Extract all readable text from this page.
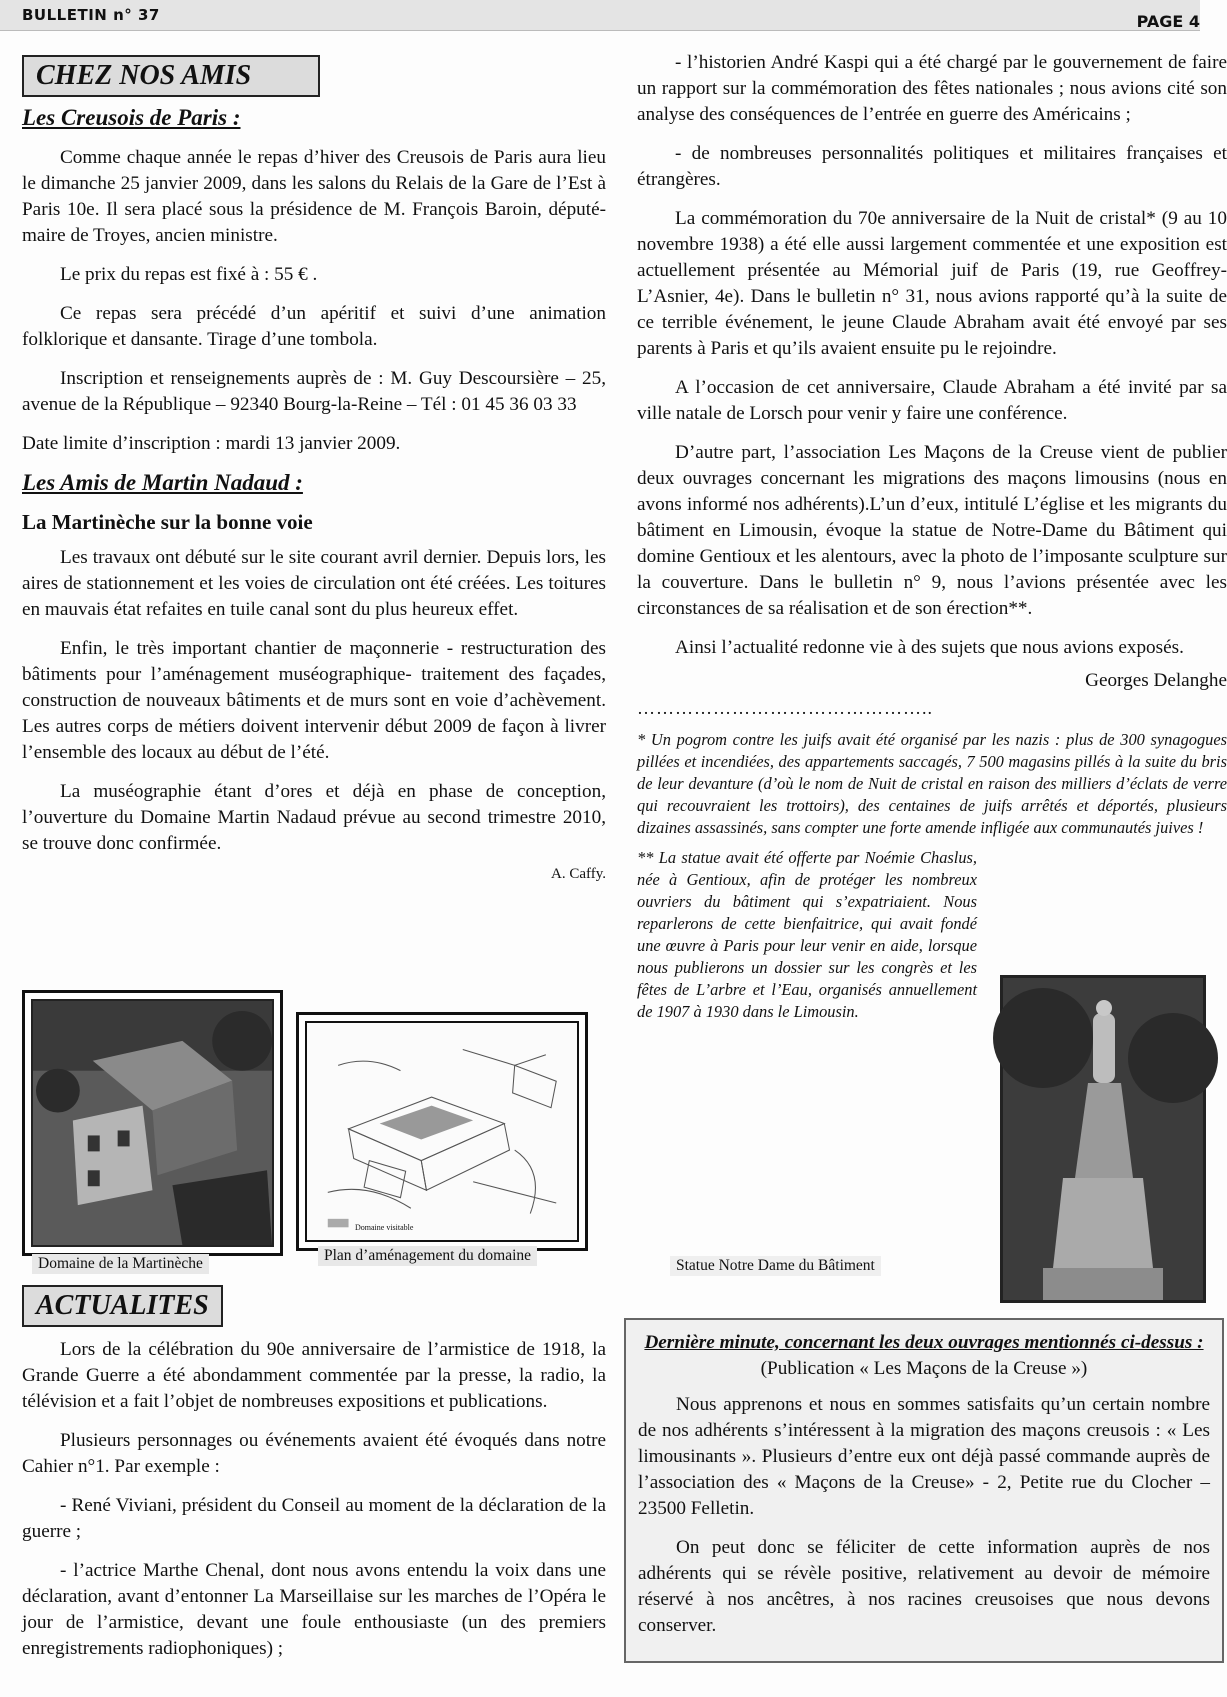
BULLETIN n° 37	PAGE 4
CHEZ NOS AMIS
Les Creusois de Paris :

Comme chaque année le repas d’hiver des Creusois de Paris aura lieu le dimanche 25 janvier 2009, dans les salons du Relais de la Gare de l’Est à Paris 10e. Il sera placé sous la présidence de M. François Baroin, député-maire de Troyes, ancien ministre.

Le prix du repas est fixé à : 55 € .

Ce repas sera précédé d’un apéritif et suivi d’une animation folklorique et dansante. Tirage d’une tombola.

Inscription et renseignements auprès de : M. Guy Descoursière – 25, avenue de la République – 92340 Bourg-la-Reine – Tél : 01 45 36 03 33

Date limite d’inscription : mardi 13 janvier 2009.

Les Amis de Martin Nadaud :
La Martinèche sur la bonne voie

Les travaux ont débuté sur le site courant avril dernier. Depuis lors, les aires de stationnement et les voies de circulation ont été créées. Les toitures en mauvais état refaites en tuile canal sont du plus heureux effet.

Enfin, le très important chantier de maçonnerie - restructuration des bâtiments pour l’aménagement muséographique- traitement des façades, construction de nouveaux bâtiments et de murs sont en voie d’achèvement. Les autres corps de métiers doivent intervenir début 2009 de façon à livrer l’ensemble des locaux au début de l’été.

La muséographie étant d’ores et déjà en phase de conception, l’ouverture du Domaine Martin Nadaud prévue au second trimestre 2010, se trouve donc confirmée.

A. Caffy.
Domaine de la Martinèche
Domaine visitable
Plan d’aménagement du domaine
ACTUALITES

Lors de la célébration du 90e anniversaire de l’armistice de 1918, la Grande Guerre a été abondamment commentée par la presse, la radio, la télévision et a fait l’objet de nombreuses expositions et publications.

Plusieurs personnages ou événements avaient été évoqués dans notre Cahier n°1. Par exemple :

- René Viviani, président du Conseil au moment de la déclaration de la guerre ;

- l’actrice Marthe Chenal, dont nous avons entendu la voix dans une déclaration, avant d’entonner La Marseillaise sur les marches de l’Opéra le jour de l’armistice, devant une foule enthousiaste (un des premiers enregistrements radiophoniques) ;

- l’historien André Kaspi qui a été chargé par le gouvernement de faire un rapport sur la commémoration des fêtes nationales ; nous avions cité son analyse des conséquences de l’entrée en guerre des Américains ;

- de nombreuses personnalités politiques et militaires françaises et étrangères.

La commémoration du 70e anniversaire de la Nuit de cristal* (9 au 10 novembre 1938) a été elle aussi largement commentée et une exposition est actuellement présentée au Mémorial juif de Paris (19, rue Geoffrey-L’Asnier, 4e). Dans le bulletin n° 31, nous avions rapporté qu’à la suite de ce terrible événement, le jeune Claude Abraham avait été envoyé par ses parents à Paris et qu’ils avaient ensuite pu le rejoindre.

A l’occasion de cet anniversaire, Claude Abraham a été invité par sa ville natale de Lorsch pour venir y faire une conférence.

D’autre part, l’association Les Maçons de la Creuse vient de publier deux ouvrages concernant les migrations des maçons limousins (nous en avons informé nos adhérents).L’un d’eux, intitulé L’église et les migrants du bâtiment en Limousin, évoque la statue de Notre-Dame du Bâtiment qui domine Gentioux et les alentours, avec la photo de l’imposante sculpture sur la couverture. Dans le bulletin n° 9, nous l’avions présentée avec les circonstances de sa réalisation et de son érection**.

Ainsi l’actualité redonne vie à des sujets que nous avions exposés.

Georges Delanghe
………………………………………..

* Un pogrom contre les juifs avait été organisé par les nazis : plus de 300 synagogues pillées et incendiées, des appartements saccagés, 7 500 magasins pillés à la suite du bris de leur devanture (d’où le nom de Nuit de cristal en raison des milliers d’éclats de verre qui recouvraient les trottoirs), des centaines de juifs arrêtés et déportés, plusieurs dizaines assassinés, sans compter une forte amende infligée aux communautés juives !

** La statue avait été offerte par Noémie Chaslus, née à Gentioux, afin de protéger les nombreux ouvriers du bâtiment qui s’expatriaient. Nous reparlerons de cette bienfaitrice, qui avait fondé une œuvre à Paris pour leur venir en aide, lorsque nous publierons un dossier sur les congrès et les fêtes de L’arbre et l’Eau, organisés annuellement de 1907 à 1930 dans le Limousin.

Statue Notre Dame du Bâtiment
Dernière minute, concernant les deux ouvrages mentionnés ci-dessus : (Publication « Les Maçons de la Creuse »)

Nous apprenons et nous en sommes satisfaits qu’un certain nombre de nos adhérents s’intéressent à la migration des maçons creusois : « Les limousinants ». Plusieurs d’entre eux ont déjà passé commande auprès de l’association des « Maçons de la Creuse» - 2, Petite rue du Clocher – 23500 Felletin.

On peut donc se féliciter de cette information auprès de nos adhérents qui se révèle positive, relativement au devoir de mémoire réservé à nos ancêtres, à nos racines creusoises que nous devons conserver.
